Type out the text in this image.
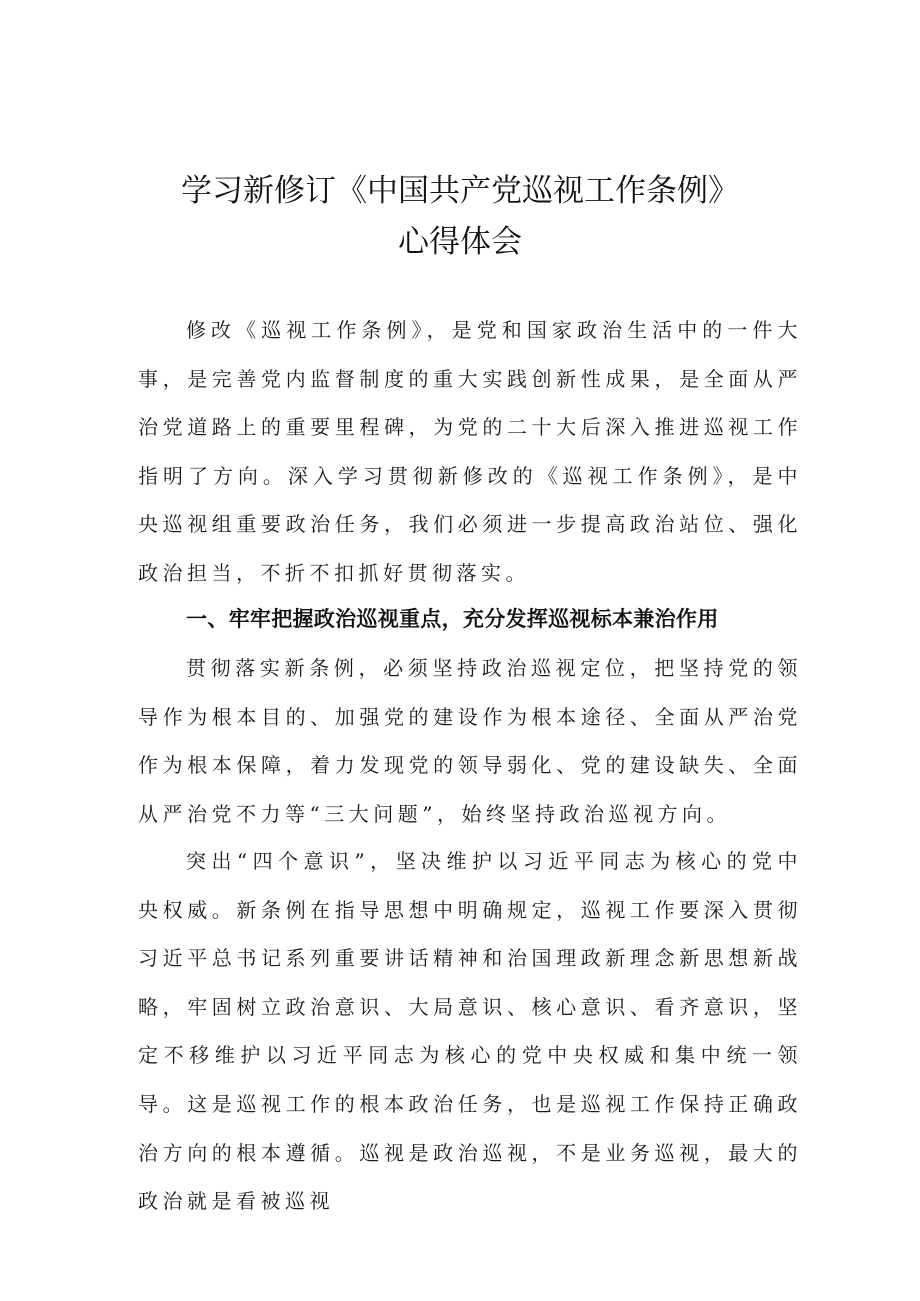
学习新修订《中国共产党巡视工作条例》
心得体会

修改《巡视工作条例》，是党和国家政治生活中的一件大事，是完善党内监督制度的重大实践创新性成果，是全面从严治党道路上的重要里程碑，为党的二十大后深入推进巡视工作指明了方向。深入学习贯彻新修改的《巡视工作条例》，是中央巡视组重要政治任务，我们必须进一步提高政治站位、强化政治担当，不折不扣抓好贯彻落实。

一、牢牢把握政治巡视重点，充分发挥巡视标本兼治作用

贯彻落实新条例，必须坚持政治巡视定位，把坚持党的领导作为根本目的、加强党的建设作为根本途径、全面从严治党作为根本保障，着力发现党的领导弱化、党的建设缺失、全面从严治党不力等“三大问题”，始终坚持政治巡视方向。

突出“四个意识”，坚决维护以习近平同志为核心的党中央权威。新条例在指导思想中明确规定，巡视工作要深入贯彻习近平总书记系列重要讲话精神和治国理政新理念新思想新战略，牢固树立政治意识、大局意识、核心意识、看齐意识，坚定不移维护以习近平同志为核心的党中央权威和集中统一领导。这是巡视工作的根本政治任务，也是巡视工作保持正确政治方向的根本遵循。巡视是政治巡视，不是业务巡视，最大的政治就是看被巡视
